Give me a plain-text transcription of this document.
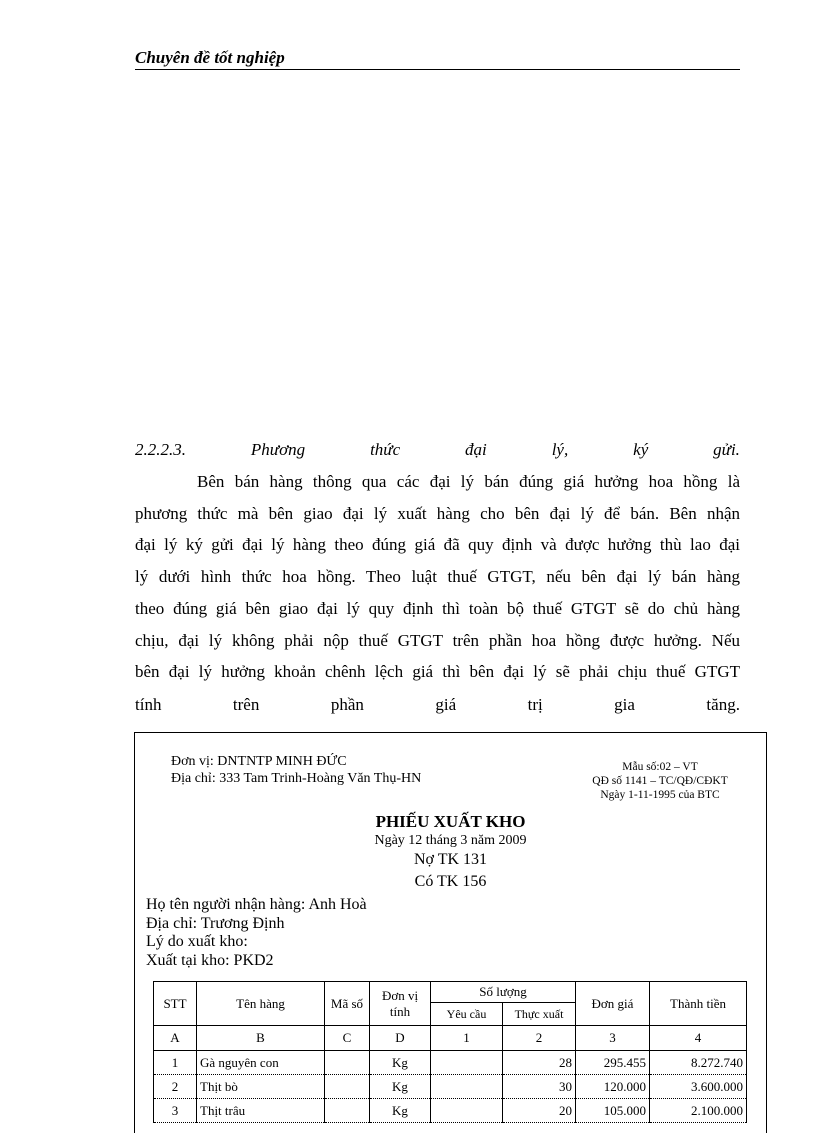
Chuyên đề tốt nghiệp
2.2.2.3.	Phương	thức	đại	lý,	ký	gửi.
Bên bán hàng thông qua các đại lý bán đúng giá hưởng hoa hồng là
phương thức mà bên giao đại lý xuất hàng cho bên đại lý để bán. Bên nhận
đại lý ký gửi đại lý hàng theo đúng giá đã quy định và được hưởng thù lao đại
lý dưới hình thức hoa hồng. Theo luật thuế GTGT, nếu bên đại lý bán hàng
theo đúng giá bên giao đại lý quy định thì toàn bộ thuế GTGT sẽ do chủ hàng
chịu, đại lý không phải nộp thuế GTGT trên phần hoa hồng được hưởng. Nếu
bên đại lý hưởng khoản chênh lệch giá thì bên đại lý sẽ phải chịu thuế GTGT
tính	trên	phần	giá	trị	gia	tăng.
Đơn vị: DNTNTP MINH ĐỨC
Địa chỉ: 333 Tam Trinh-Hoàng Văn Thụ-HN
Mẫu số:02 – VT
QĐ số 1141 – TC/QĐ/CĐKT
Ngày 1-11-1995 của BTC
PHIẾU XUẤT KHO
Ngày 12 tháng 3 năm 2009
Nợ TK 131
Có TK 156
Họ tên người nhận hàng: Anh Hoà
Địa chỉ: Trương Định
Lý do xuất kho:
Xuất tại kho: PKD2
STT	Tên hàng	Mã số	Đơn vị tính	Số lượng		Đơn giá	Thành tiền
				Yêu cầu	Thực xuất		
A	B	C	D	1	2	3	4
1	Gà nguyên con		Kg		28	295.455	8.272.740
2	Thịt bò		Kg		30	120.000	3.600.000
3	Thịt trâu		Kg		20	105.000	2.100.000
